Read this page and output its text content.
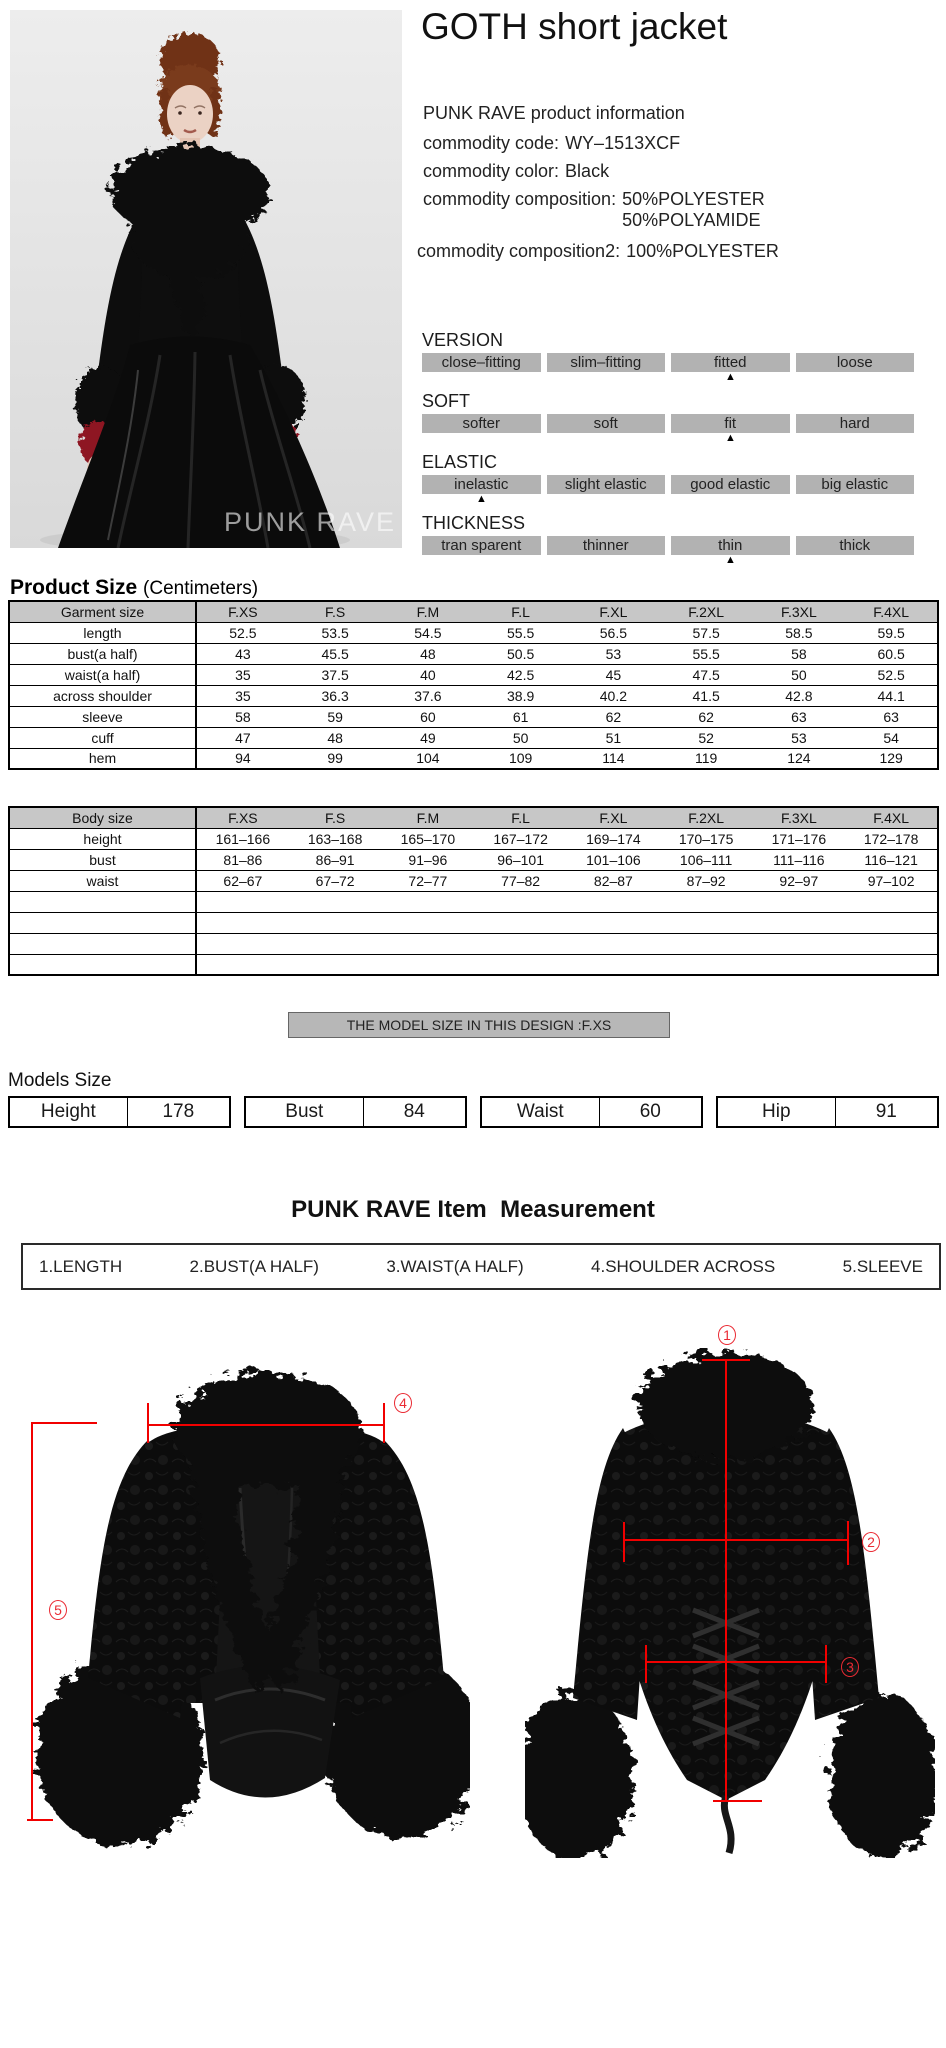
PUNK RAVE
GOTH short jacket
PUNK RAVE product information
commodity code: WY–1513XCF
commodity color: Black
commodity composition: 50%POLYESTER
50%POLYAMIDE
commodity composition2: 100%POLYESTER
VERSION
close–fitting	slim–fitting	fitted	loose
▲
SOFT
softer	soft	fit	hard
▲
ELASTIC
inelastic	slight elastic	good elastic	big elastic
▲
THICKNESS
tran sparent	thinner	thin	thick
▲
Product Size (Centimeters)
Garment size	F.XS	F.S	F.M	F.L	F.XL	F.2XL	F.3XL	F.4XL
length	52.5	53.5	54.5	55.5	56.5	57.5	58.5	59.5
bust(a half)	43	45.5	48	50.5	53	55.5	58	60.5
waist(a half)	35	37.5	40	42.5	45	47.5	50	52.5
across shoulder	35	36.3	37.6	38.9	40.2	41.5	42.8	44.1
sleeve	58	59	60	61	62	62	63	63
cuff	47	48	49	50	51	52	53	54
hem	94	99	104	109	114	119	124	129
Body size	F.XS	F.S	F.M	F.L	F.XL	F.2XL	F.3XL	F.4XL
height	161–166	163–168	165–170	167–172	169–174	170–175	171–176	172–178
bust	81–86	86–91	91–96	96–101	101–106	106–111	111–116	116–121
waist	62–67	67–72	72–77	77–82	82–87	87–92	92–97	97–102

THE MODEL SIZE IN THIS DESIGN :F.XS
Models Size
Height	178	Bust	84	Waist	60	Hip	91
PUNK RAVE Item  Measurement
1.LENGTH	2.BUST(A HALF)	3.WAIST(A HALF)	4.SHOULDER ACROSS	5.SLEEVE
1
2
3
4
5
